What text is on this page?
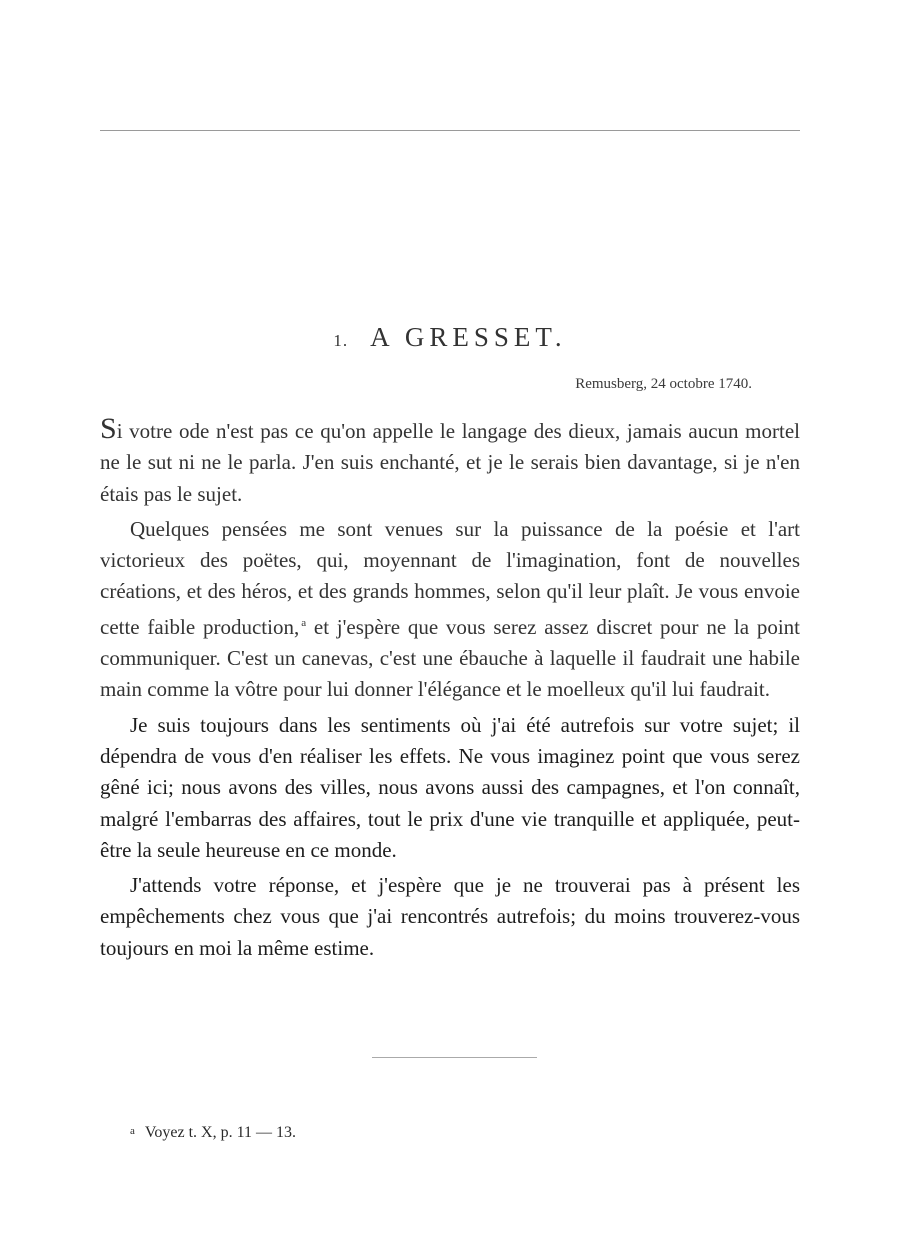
1. A GRESSET.
Remusberg, 24 octobre 1740.

Si votre ode n'est pas ce qu'on appelle le langage des dieux, jamais aucun mortel ne le sut ni ne le parla. J'en suis enchanté, et je le serais bien davantage, si je n'en étais pas le sujet.

Quelques pensées me sont venues sur la puissance de la poésie et l'art victorieux des poëtes, qui, moyennant de l'imagination, font de nouvelles créations, et des héros, et des grands hommes, selon qu'il leur plaît. Je vous envoie cette faible production, $^a$ et j'espère que vous serez assez discret pour ne la point communiquer. C'est un canevas, c'est une ébauche à laquelle il faudrait une habile main comme la vôtre pour lui donner l'élégance et le moelleux qu'il lui faudrait.

Je suis toujours dans les sentiments où j'ai été autrefois sur votre sujet; il dépendra de vous d'en réaliser les effets. Ne vous imaginez point que vous serez gêné ici; nous avons des villes, nous avons aussi des campagnes, et l'on connaît, malgré l'embarras des affaires, tout le prix d'une vie tranquille et appliquée, peut-être la seule heureuse en ce monde.

J'attends votre réponse, et j'espère que je ne trouverai pas à présent les empêchements chez vous que j'ai rencontrés autrefois; du moins trouverez-vous toujours en moi la même estime.

a Voyez t. X, p. 11 — 13.
